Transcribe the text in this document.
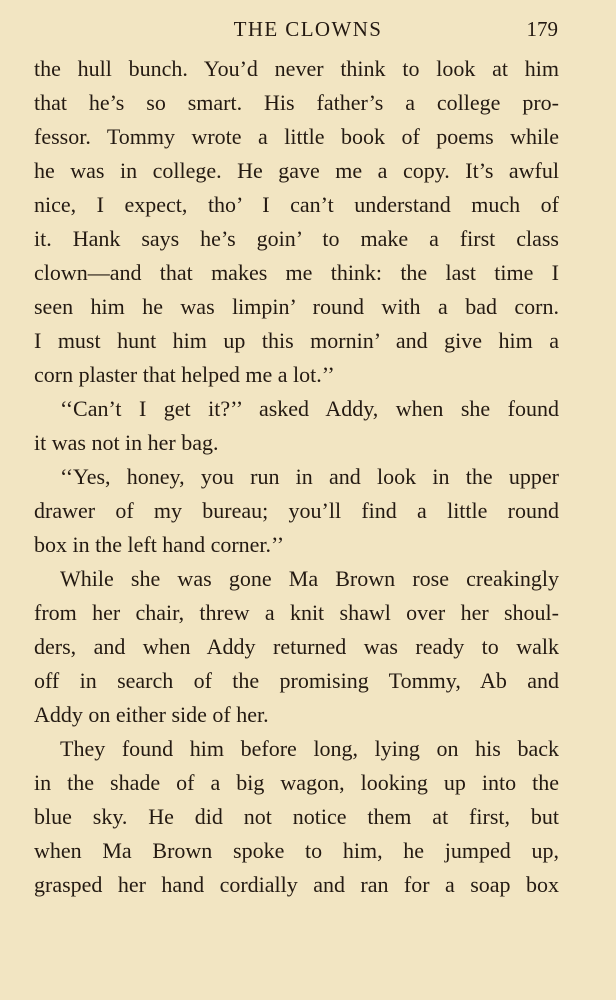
THE CLOWNS	179
the hull bunch. You’d never think to look at him
that he’s so smart. His father’s a college pro-
fessor. Tommy wrote a little book of poems while
he was in college. He gave me a copy. It’s awful
nice, I expect, tho’ I can’t understand much of
it. Hank says he’s goin’ to make a first class
clown—and that makes me think: the last time I
seen him he was limpin’ round with a bad corn.
I must hunt him up this mornin’ and give him a
corn plaster that helped me a lot.’’
‘‘Can’t I get it?’’ asked Addy, when she found
it was not in her bag.
‘‘Yes, honey, you run in and look in the upper
drawer of my bureau; you’ll find a little round
box in the left hand corner.’’
While she was gone Ma Brown rose creakingly
from her chair, threw a knit shawl over her shoul-
ders, and when Addy returned was ready to walk
off in search of the promising Tommy, Ab and
Addy on either side of her.
They found him before long, lying on his back
in the shade of a big wagon, looking up into the
blue sky. He did not notice them at first, but
when Ma Brown spoke to him, he jumped up,
grasped her hand cordially and ran for a soap box
